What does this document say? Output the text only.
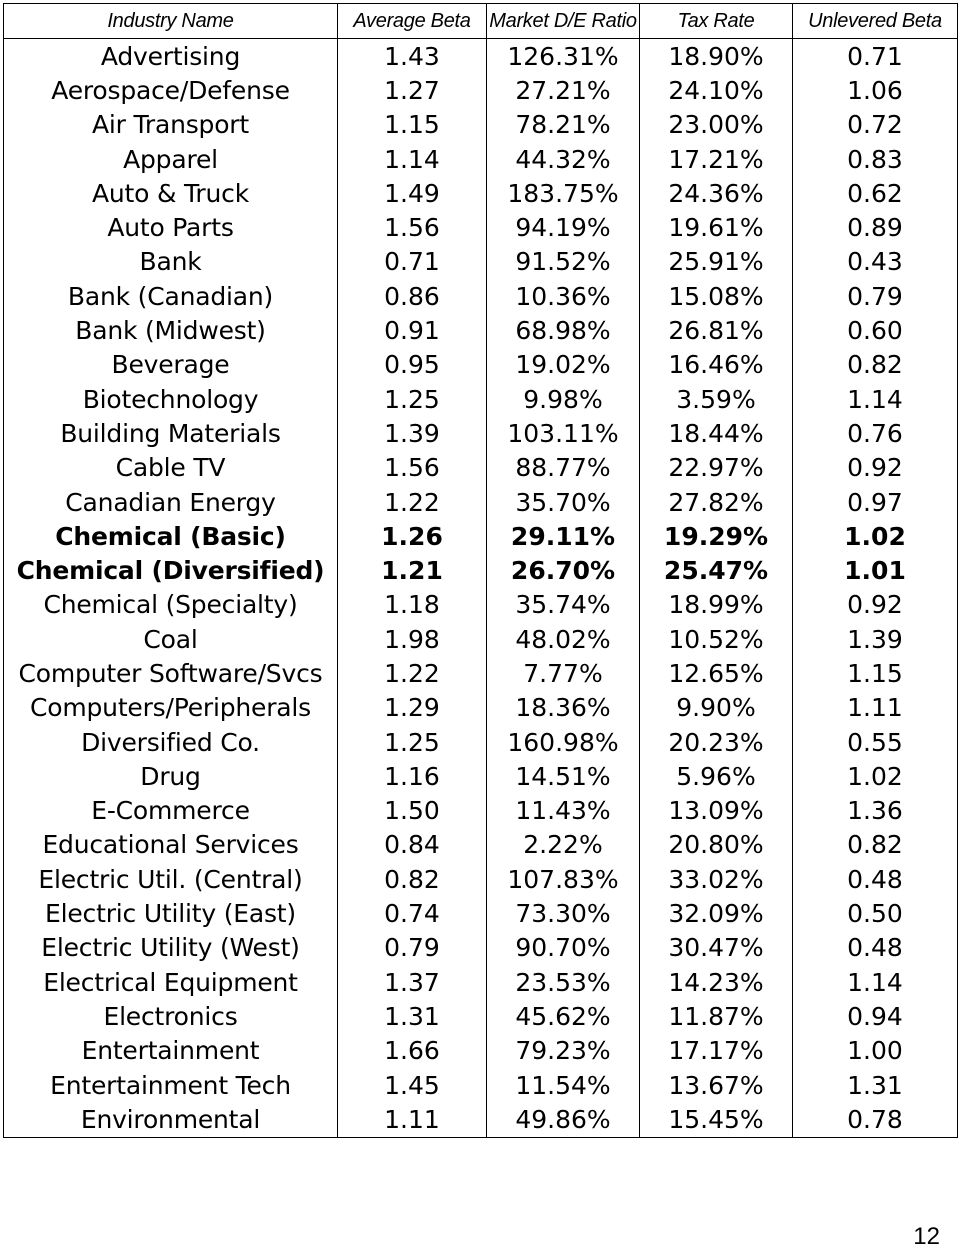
Industry Name	Average Beta	Market D/E Ratio	Tax Rate	Unlevered Beta
Advertising	1.43	126.31%	18.90%	0.71
Aerospace/Defense	1.27	27.21%	24.10%	1.06
Air Transport	1.15	78.21%	23.00%	0.72
Apparel	1.14	44.32%	17.21%	0.83
Auto & Truck	1.49	183.75%	24.36%	0.62
Auto Parts	1.56	94.19%	19.61%	0.89
Bank	0.71	91.52%	25.91%	0.43
Bank (Canadian)	0.86	10.36%	15.08%	0.79
Bank (Midwest)	0.91	68.98%	26.81%	0.60
Beverage	0.95	19.02%	16.46%	0.82
Biotechnology	1.25	9.98%	3.59%	1.14
Building Materials	1.39	103.11%	18.44%	0.76
Cable TV	1.56	88.77%	22.97%	0.92
Canadian Energy	1.22	35.70%	27.82%	0.97
Chemical (Basic)	1.26	29.11%	19.29%	1.02
Chemical (Diversified)	1.21	26.70%	25.47%	1.01
Chemical (Specialty)	1.18	35.74%	18.99%	0.92
Coal	1.98	48.02%	10.52%	1.39
Computer Software/Svcs	1.22	7.77%	12.65%	1.15
Computers/Peripherals	1.29	18.36%	9.90%	1.11
Diversified Co.	1.25	160.98%	20.23%	0.55
Drug	1.16	14.51%	5.96%	1.02
E-Commerce	1.50	11.43%	13.09%	1.36
Educational Services	0.84	2.22%	20.80%	0.82
Electric Util. (Central)	0.82	107.83%	33.02%	0.48
Electric Utility (East)	0.74	73.30%	32.09%	0.50
Electric Utility (West)	0.79	90.70%	30.47%	0.48
Electrical Equipment	1.37	23.53%	14.23%	1.14
Electronics	1.31	45.62%	11.87%	0.94
Entertainment	1.66	79.23%	17.17%	1.00
Entertainment Tech	1.45	11.54%	13.67%	1.31
Environmental	1.11	49.86%	15.45%	0.78
12
